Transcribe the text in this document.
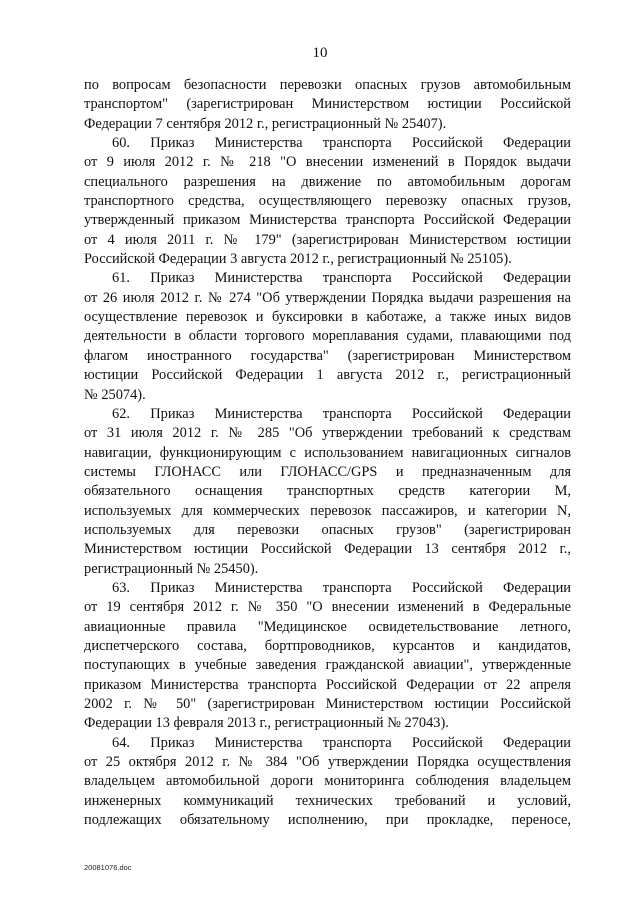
10
по вопросам безопасности перевозки опасных грузов автомобильным
транспортом" (зарегистрирован Министерством юстиции Российской
Федерации 7 сентября 2012 г., регистрационный № 25407).
60. Приказ Министерства транспорта Российской Федерации
от 9 июля 2012 г. № 218 "О внесении изменений в Порядок выдачи
специального разрешения на движение по автомобильным дорогам
транспортного средства, осуществляющего перевозку опасных грузов,
утвержденный приказом Министерства транспорта Российской Федерации
от 4 июля 2011 г. № 179" (зарегистрирован Министерством юстиции
Российской Федерации 3 августа 2012 г., регистрационный № 25105).
61. Приказ Министерства транспорта Российской Федерации
от 26 июля 2012 г. № 274 "Об утверждении Порядка выдачи разрешения на
осуществление перевозок и буксировки в каботаже, а также иных видов
деятельности в области торгового мореплавания судами, плавающими под
флагом иностранного государства" (зарегистрирован Министерством
юстиции Российской Федерации 1 августа 2012 г., регистрационный
№ 25074).
62. Приказ Министерства транспорта Российской Федерации
от 31 июля 2012 г. № 285 "Об утверждении требований к средствам
навигации, функционирующим с использованием навигационных сигналов
системы ГЛОНАСС или ГЛОНАСС/GPS и предназначенным для
обязательного оснащения транспортных средств категории М,
используемых для коммерческих перевозок пассажиров, и категории N,
используемых для перевозки опасных грузов" (зарегистрирован
Министерством юстиции Российской Федерации 13 сентября 2012 г.,
регистрационный № 25450).
63. Приказ Министерства транспорта Российской Федерации
от 19 сентября 2012 г. № 350 "О внесении изменений в Федеральные
авиационные правила "Медицинское освидетельствование летного,
диспетчерского состава, бортпроводников, курсантов и кандидатов,
поступающих в учебные заведения гражданской авиации", утвержденные
приказом Министерства транспорта Российской Федерации от 22 апреля
2002 г. № 50" (зарегистрирован Министерством юстиции Российской
Федерации 13 февраля 2013 г., регистрационный № 27043).
64. Приказ Министерства транспорта Российской Федерации
от 25 октября 2012 г. № 384 "Об утверждении Порядка осуществления
владельцем автомобильной дороги мониторинга соблюдения владельцем
инженерных коммуникаций технических требований и условий,
подлежащих обязательному исполнению, при прокладке, переносе,
20081076.doc
